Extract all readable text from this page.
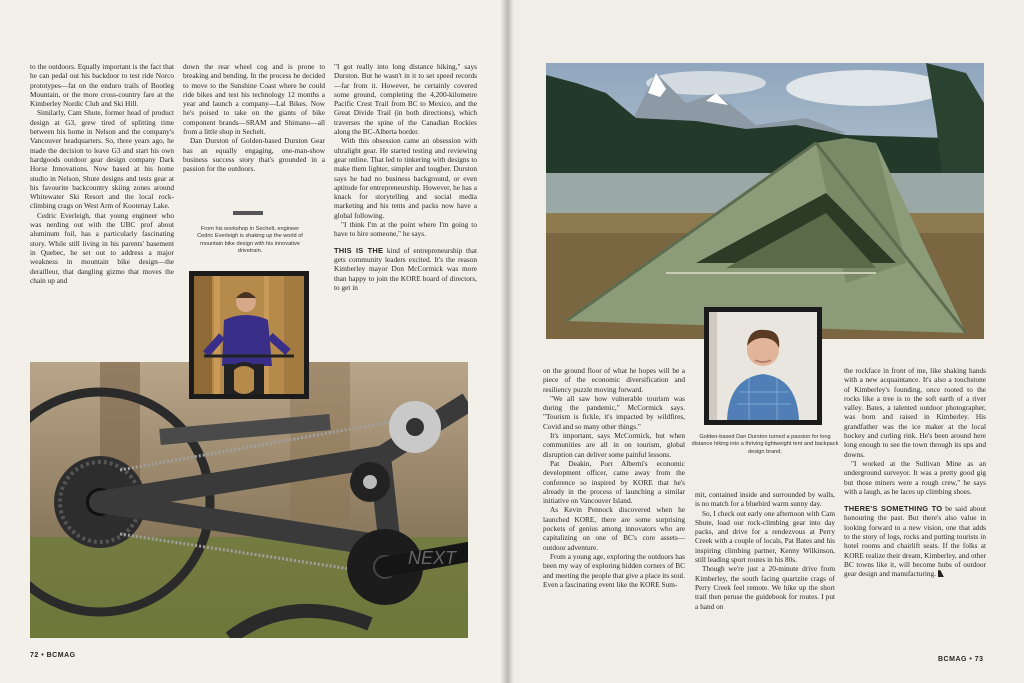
to the outdoors. Equally important is the fact that he can pedal out his backdoor to test ride Norco prototypes—fat on the enduro trails of Bootleg Mountain, or the more cross-country fare at the Kimberley Nordic Club and Ski Hill.

Similarly, Cam Shute, former head of product design at G3, grew tired of splitting time between his home in Nelson and the company's Vancouver headquarters. So, three years ago, he made the decision to leave G3 and start his own hardgoods outdoor gear design company Dark Horse Innovations. Now based at his home studio in Nelson, Shute designs and tests gear at his favourite backcountry skiing zones around Whitewater Ski Resort and the local rock-climbing crags on West Arm of Kootenay Lake.

Cedric Everleigh, that young engineer who was nerding out with the UBC prof about aluminum foil, has a particularly fascinating story. While still living in his parents' basement in Quebec, he set out to address a major weakness in mountain bike design—the derailleur, that dangling gizmo that moves the chain up and

down the rear wheel cog and is prone to breaking and bending. In the process he decided to move to the Sunshine Coast where he could ride bikes and test his technology 12 months a year and launch a company—Lal Bikes. Now he's poised to take on the giants of bike component brands—SRAM and Shimano—all from a little shop in Sechelt.

Dan Durston of Golden-based Durston Gear has an equally engaging, one-man-show business success story that's grounded in a passion for the outdoors.

From his workshop in Sechelt, engineer Cedric Everleigh is shaking up the world of mountain bike design with his innovative drivetrain.

"I got really into long distance hiking," says Durston. But he wasn't in it to set speed records—far from it. However, he certainly covered some ground, completing the 4,200-kilometre Pacific Crest Trail from BC to Mexico, and the Great Divide Trail (in both directions), which traverses the spine of the Canadian Rockies along the BC-Alberta border.

With this obsession came an obsession with ultralight gear. He started testing and reviewing gear online. That led to tinkering with designs to make them lighter, simpler and tougher. Durston says he had no business background, or even aptitude for entrepreneurship. However, he has a knack for storytelling and social media marketing and his tents and packs now have a global following.

"I think I'm at the point where I'm going to have to hire someone," he says.

THIS IS THE kind of entrepreneurship that gets community leaders excited. It's the reason Kimberley mayor Don McCormick was more than happy to join the KORE board of directors, to get in

NEXT
72 • BCMAG
Golden-based Dan Durston turned a passion for long distance hiking into a thriving lightweight tent and backpack design brand.

on the ground floor of what he hopes will be a piece of the economic diversification and resiliency puzzle moving forward.

"We all saw how vulnerable tourism was during the pandemic," McCormick says. "Tourism is fickle, it's impacted by wildfires, Covid and so many other things."

It's important, says McCormick, but when communities are all in on tourism, global disruption can deliver some painful lessons.

Pat Deakin, Port Alberni's economic development officer, came away from the conference so inspired by KORE that he's already in the process of launching a similar initiative on Vancouver Island.

As Kevin Pennock discovered when he launched KORE, there are some surprising pockets of genius among innovators who are capitalizing on one of BC's core assets—outdoor adventure.

From a young age, exploring the outdoors has been my way of exploring hidden corners of BC and meeting the people that give a place its soul. Even a fascinating event like the KORE Sum-

mit, contained inside and surrounded by walls, is no match for a bluebird warm sunny day.

So, I check out early one afternoon with Cam Shute, load our rock-climbing gear into day packs, and drive for a rendezvous at Perry Creek with a couple of locals, Pat Bates and his inspiring climbing partner, Kenny Wilkinson, still leading sport routes in his 80s.

Though we're just a 20-minute drive from Kimberley, the south facing quartzite crags of Perry Creek feel remote. We hike up the short trail then peruse the guidebook for routes. I put a hand on

the rockface in front of me, like shaking hands with a new acquaintance. It's also a touchstone of Kimberley's founding, once rooted to the rocks like a tree is to the soft earth of a river valley. Bates, a talented outdoor photographer, was born and raised in Kimberley. His grandfather was the ice maker at the local hockey and curling rink. He's been around here long enough to see the town through its ups and downs.

"I worked at the Sullivan Mine as an underground surveyor. It was a pretty good gig but those miners were a rough crew," he says with a laugh, as he laces up climbing shoes.

THERE'S SOMETHING TO be said about honouring the past. But there's also value in looking forward to a new vision, one that adds to the story of logs, rocks and putting tourists in hotel rooms and chairlift seats. If the folks at KORE realize their dream, Kimberley, and other BC towns like it, will become hubs of outdoor gear design and manufacturing.

BCMAG • 73
